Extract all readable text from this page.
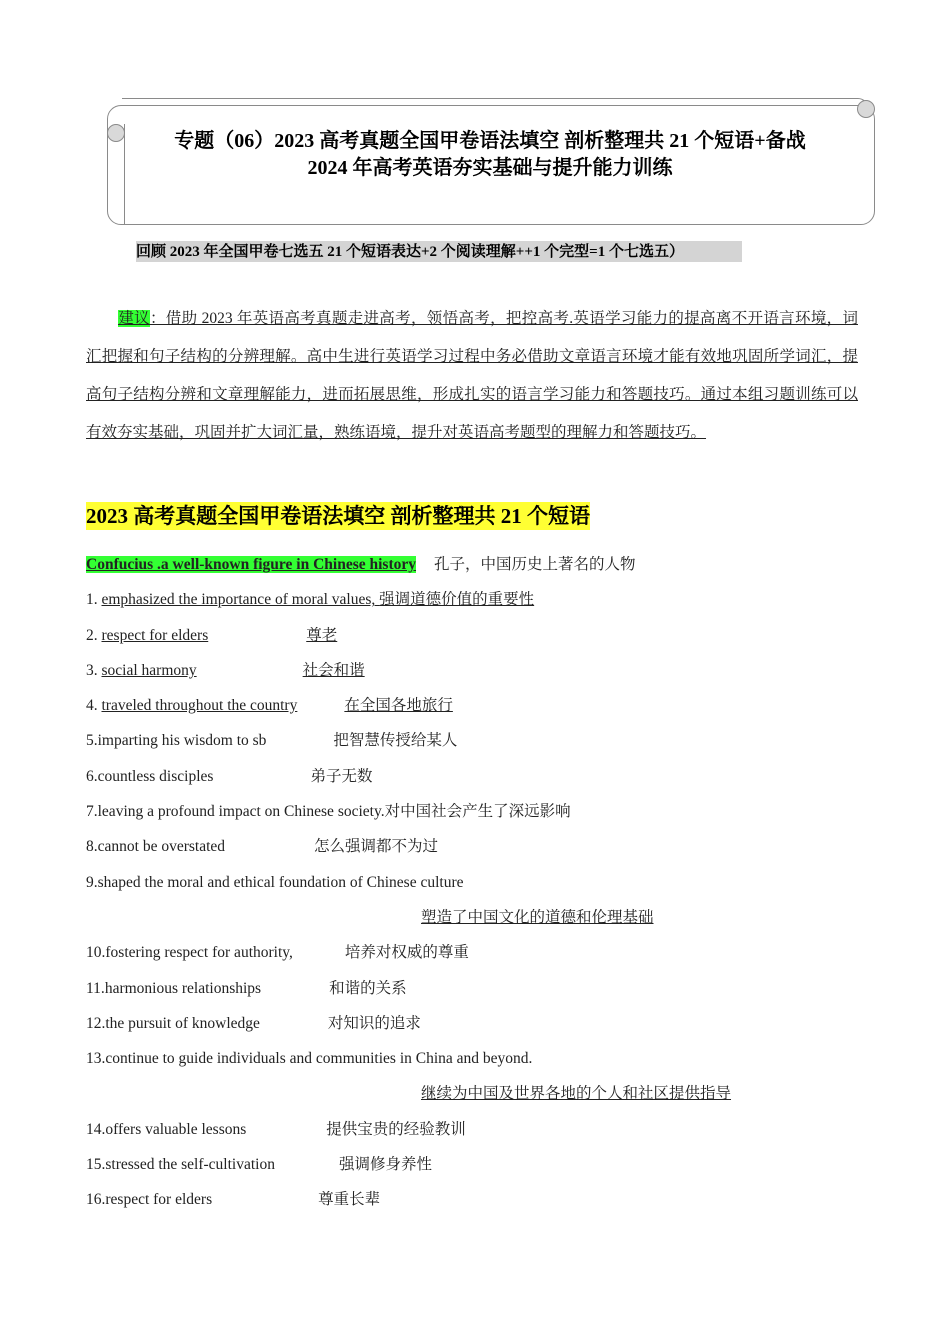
专题（06）2023 高考真题全国甲卷语法填空 剖析整理共 21 个短语+备战
2024 年高考英语夯实基础与提升能力训练
回顾 2023 年全国甲卷七选五 21 个短语表达+2 个阅读理解++1 个完型=1 个七选五）
建议：借助 2023 年英语高考真题走进高考，领悟高考，把控高考.英语学习能力的提高离不开语言环境，词汇把握和句子结构的分辨理解。高中生进行英语学习过程中务必借助文章语言环境才能有效地巩固所学词汇，提高句子结构分辨和文章理解能力，进而拓展思维，形成扎实的语言学习能力和答题技巧。通过本组习题训练可以有效夯实基础，巩固并扩大词汇量，熟练语境，提升对英语高考题型的理解力和答题技巧。
2023 高考真题全国甲卷语法填空 剖析整理共 21 个短语
Confucius .a well-known figure in Chinese history 孔子，中国历史上著名的人物
1. emphasized the importance of moral values, 强调道德价值的重要性
2. respect for elders	尊老
3. social harmony	社会和谐
4. traveled throughout the country	在全国各地旅行
5.imparting his wisdom to sb	把智慧传授给某人
6.countless disciples	弟子无数
7.leaving a profound impact on Chinese society.对中国社会产生了深远影响
8.cannot be overstated	怎么强调都不为过
9.shaped the moral and ethical foundation of Chinese culture
塑造了中国文化的道德和伦理基础
10.fostering respect for authority,	培养对权威的尊重
11.harmonious relationships	和谐的关系
12.the pursuit of knowledge	对知识的追求
13.continue to guide individuals and communities in China and beyond.
继续为中国及世界各地的个人和社区提供指导
14.offers valuable lessons	提供宝贵的经验教训
15.stressed the self-cultivation	强调修身养性
16.respect for elders	尊重长辈
